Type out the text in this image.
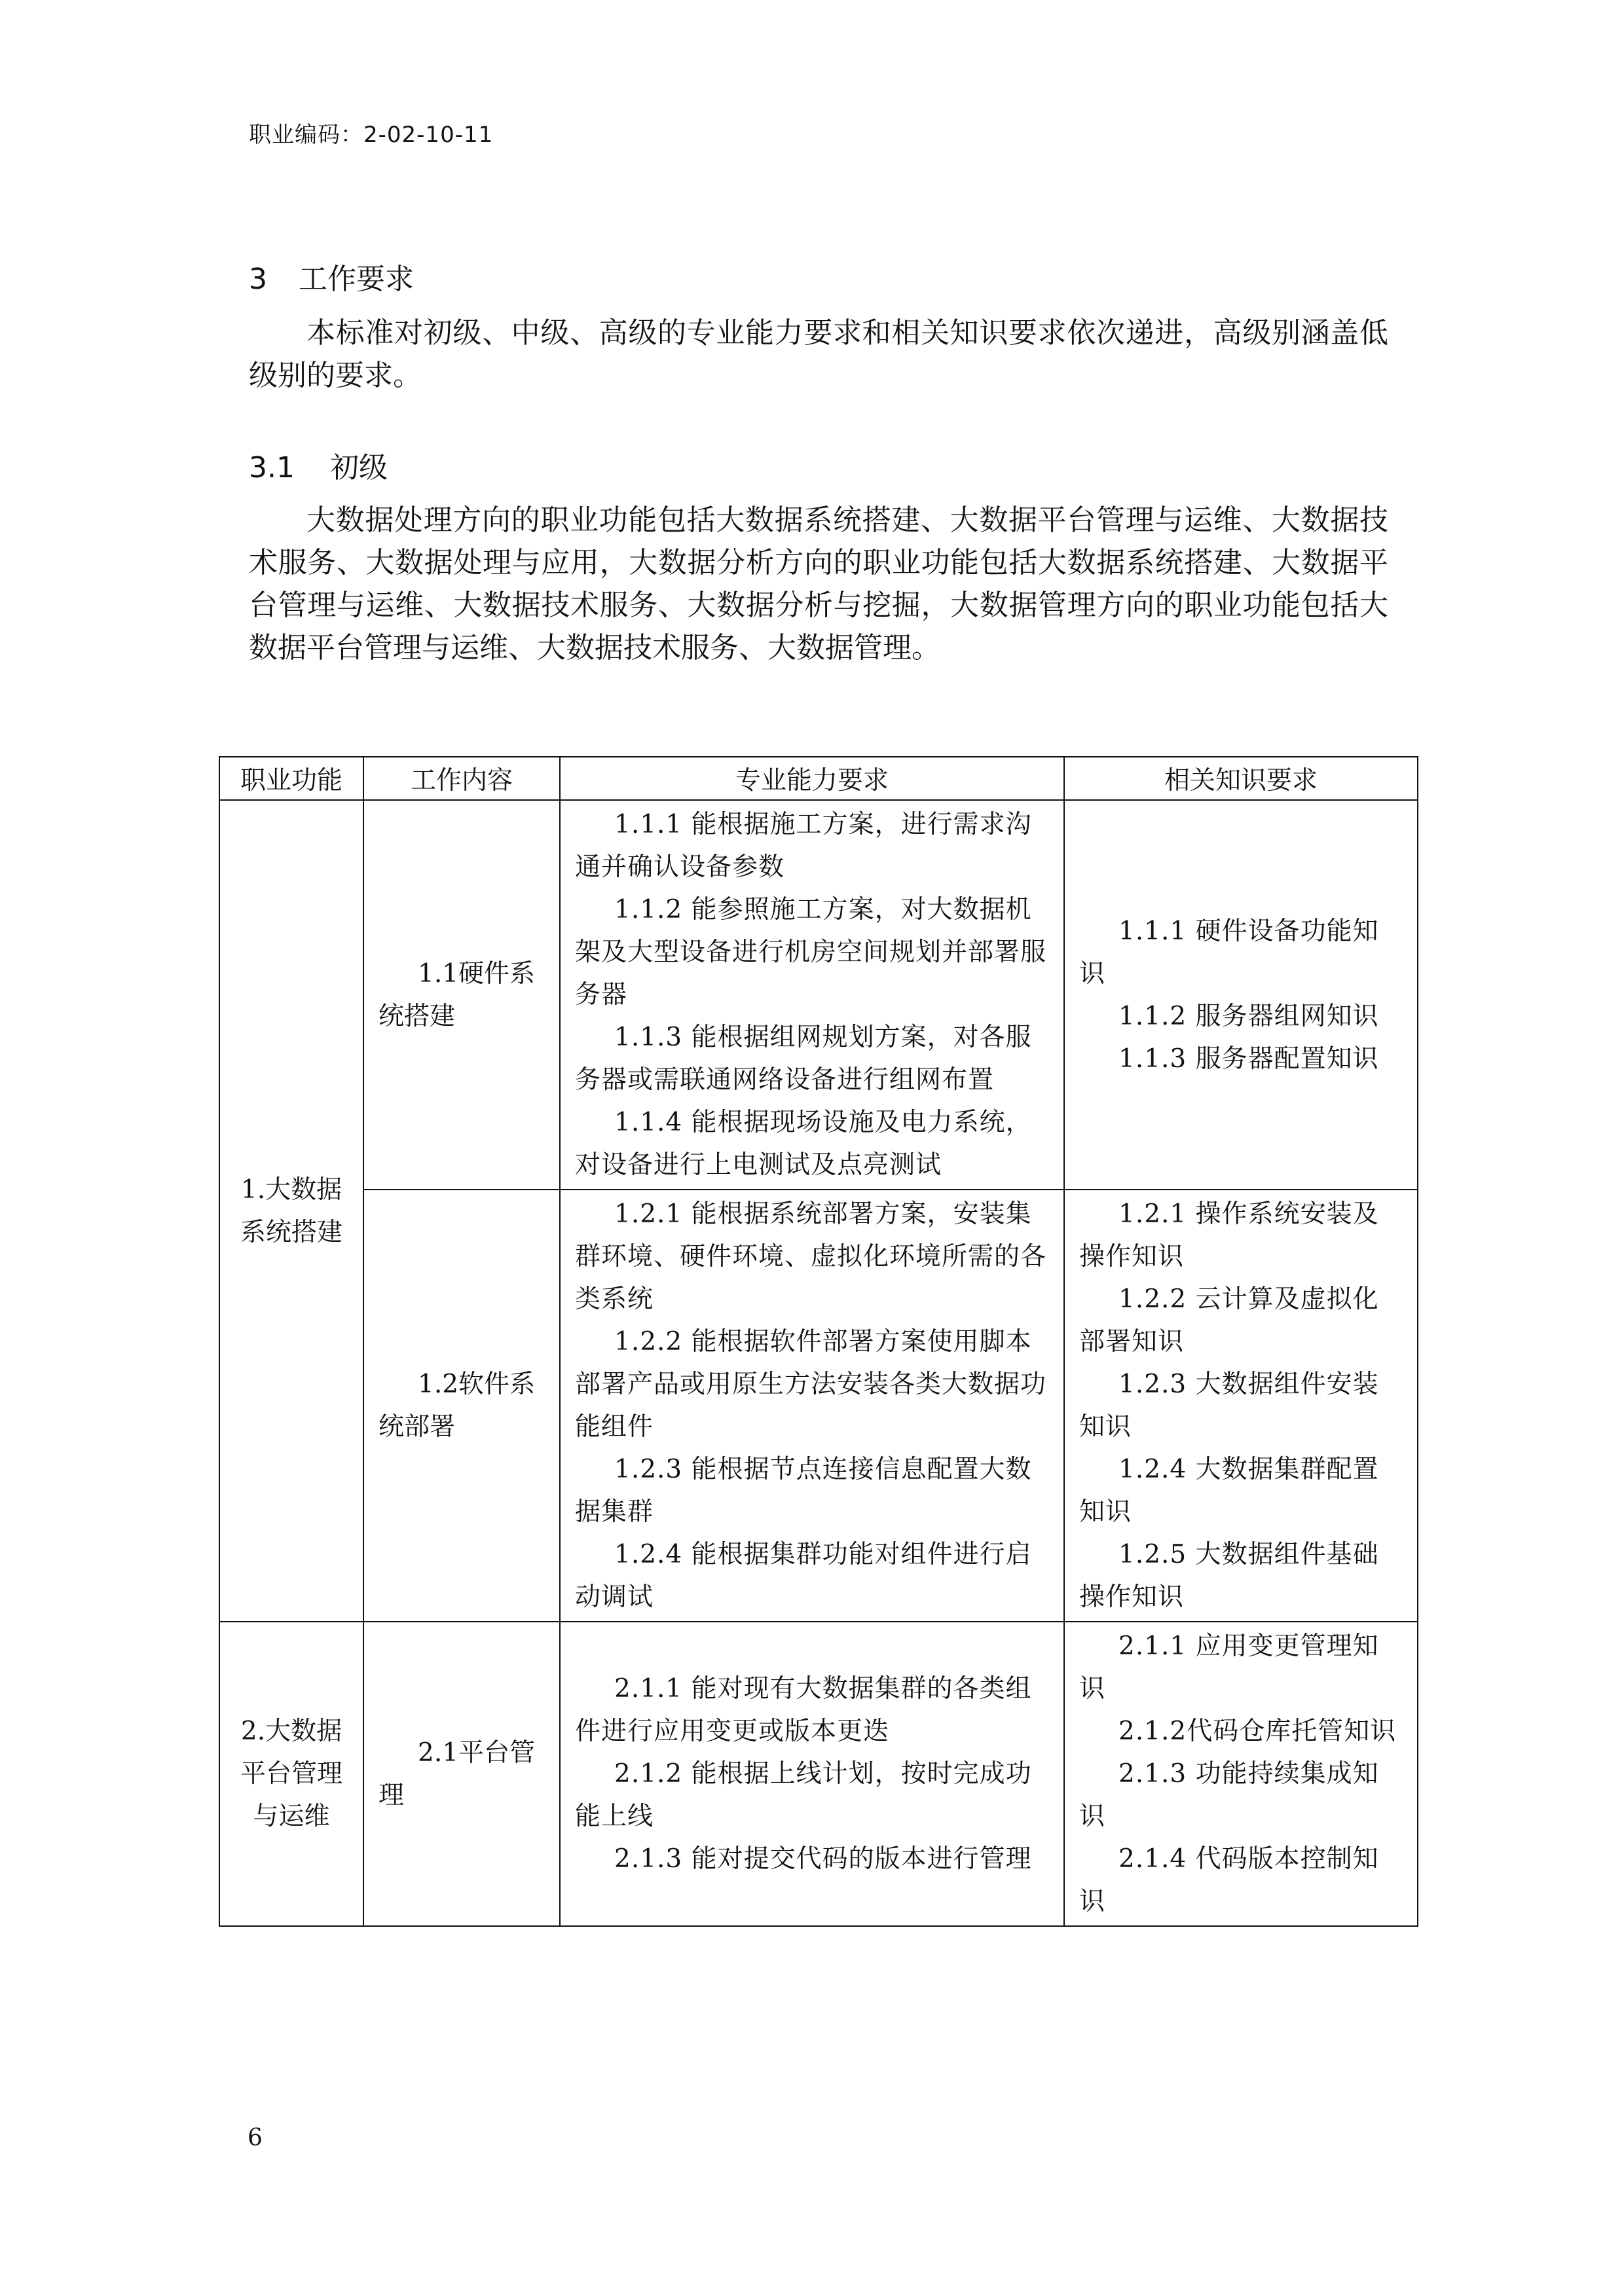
职业编码：2-02-10-11
3 工作要求

本标准对初级、中级、高级的专业能力要求和相关知识要求依次递进，高级别涵盖低级别的要求。

3.1 初级

大数据处理方向的职业功能包括大数据系统搭建、大数据平台管理与运维、大数据技术服务、大数据处理与应用，大数据分析方向的职业功能包括大数据系统搭建、大数据平台管理与运维、大数据技术服务、大数据分析与挖掘，大数据管理方向的职业功能包括大数据平台管理与运维、大数据技术服务、大数据管理。

职业功能	工作内容	专业能力要求	相关知识要求
1.大数据系统搭建	1.1硬件系统搭建	1.1.1 能根据施工方案，进行需求沟通并确认设备参数
1.1.2 能参照施工方案，对大数据机架及大型设备进行机房空间规划并部署服务器
1.1.3 能根据组网规划方案，对各服务器或需联通网络设备进行组网布置
1.1.4 能根据现场设施及电力系统，对设备进行上电测试及点亮测试	1.1.1 硬件设备功能知识
1.1.2 服务器组网知识
1.1.3 服务器配置知识

	1.2软件系统部署	1.2.1 能根据系统部署方案，安装集群环境、硬件环境、虚拟化环境所需的各类系统
1.2.2 能根据软件部署方案使用脚本部署产品或用原生方法安装各类大数据功能组件
1.2.3 能根据节点连接信息配置大数据集群
1.2.4 能根据集群功能对组件进行启动调试	1.2.1 操作系统安装及操作知识
1.2.2 云计算及虚拟化部署知识
1.2.3 大数据组件安装知识
1.2.4 大数据集群配置知识
1.2.5 大数据组件基础操作知识

2.大数据平台管理与运维	2.1平台管理	2.1.1 能对现有大数据集群的各类组件进行应用变更或版本更迭
2.1.2 能根据上线计划，按时完成功能上线
2.1.3 能对提交代码的版本进行管理	2.1.1 应用变更管理知识
2.1.2代码仓库托管知识
2.1.3 功能持续集成知识
2.1.4 代码版本控制知识
6
